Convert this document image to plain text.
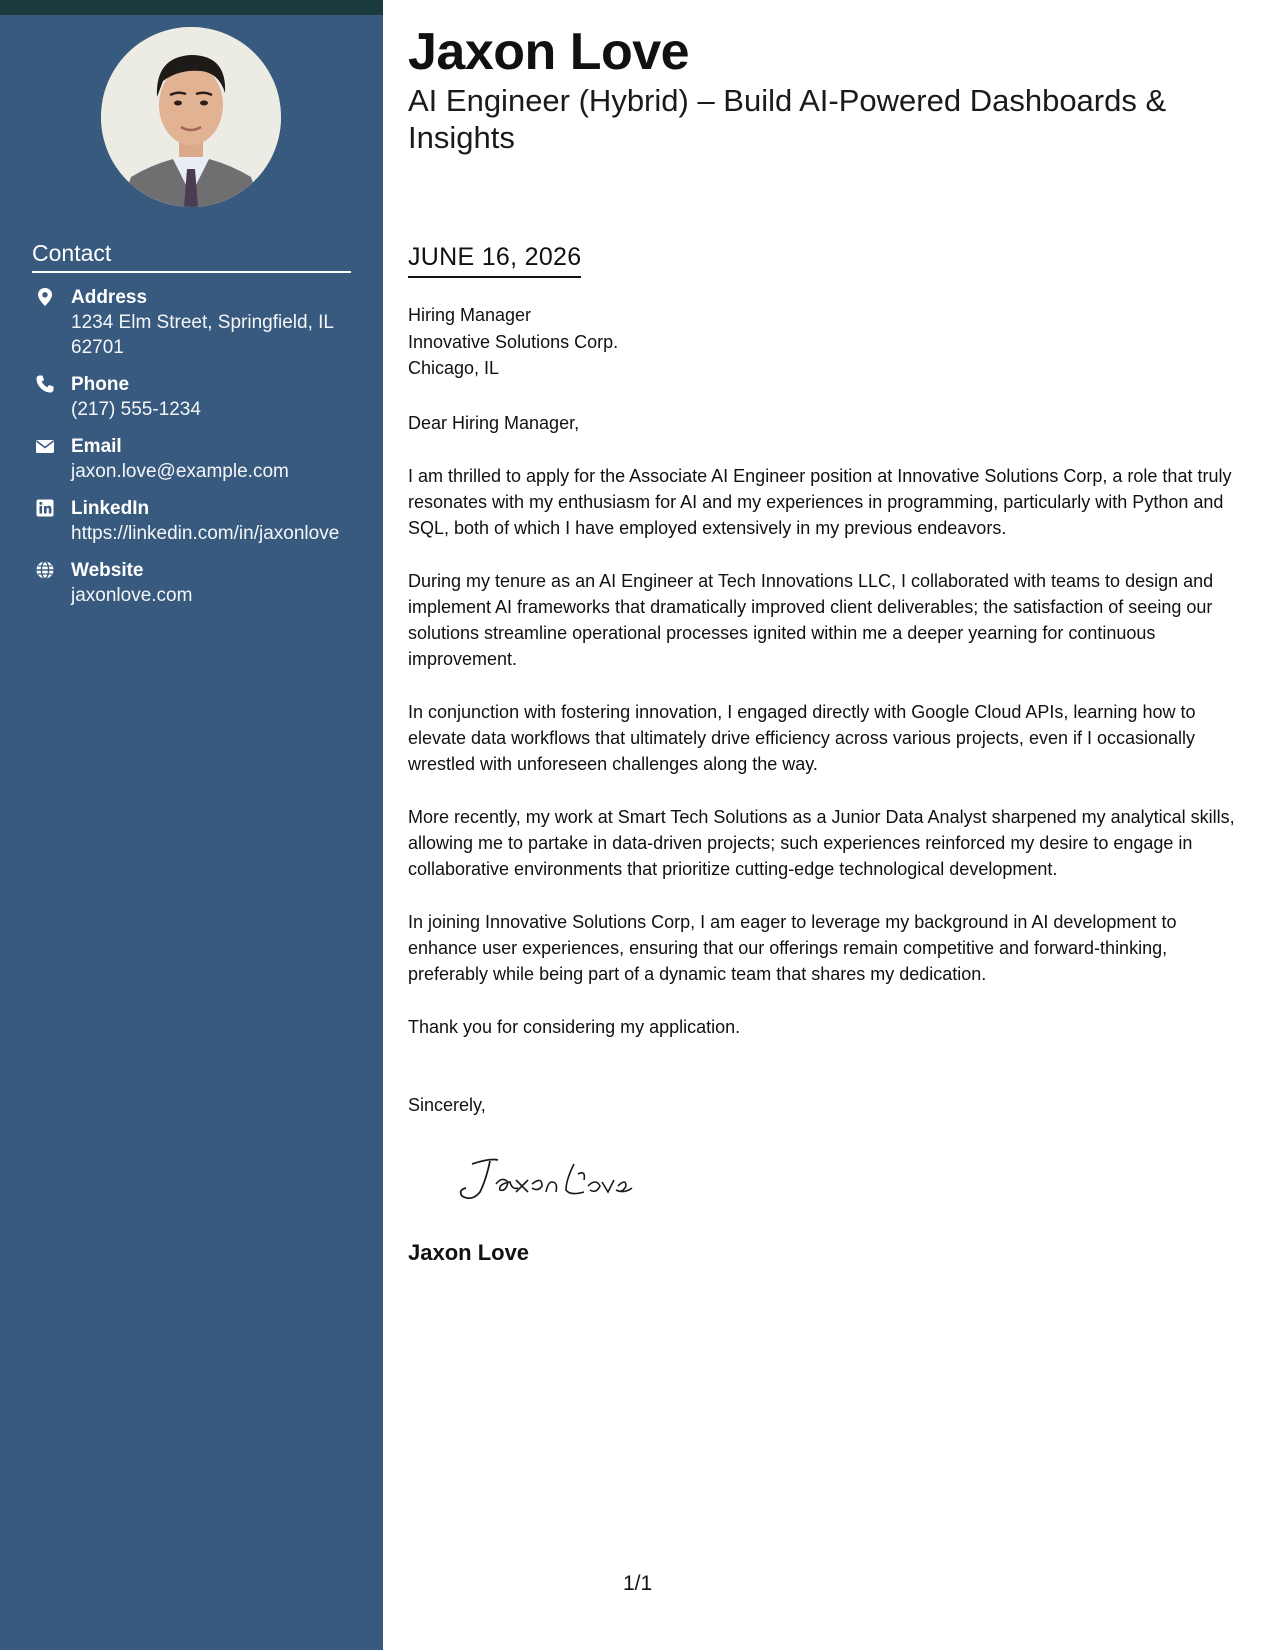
Contact
Address
1234 Elm Street, Springfield, IL 62701
Phone
(217) 555-1234
Email
jaxon.love@example.com
LinkedIn
https://linkedin.com/in/jaxonlove
Website
jaxonlove.com
Jaxon Love
AI Engineer (Hybrid) – Build AI-Powered Dashboards & Insights
JUNE 16, 2026
Hiring Manager
Innovative Solutions Corp.
Chicago, IL

Dear Hiring Manager,

I am thrilled to apply for the Associate AI Engineer position at Innovative Solutions Corp, a role that truly resonates with my enthusiasm for AI and my experiences in programming, particularly with Python and SQL, both of which I have employed extensively in my previous endeavors.

During my tenure as an AI Engineer at Tech Innovations LLC, I collaborated with teams to design and implement AI frameworks that dramatically improved client deliverables; the satisfaction of seeing our solutions streamline operational processes ignited within me a deeper yearning for continuous improvement.

In conjunction with fostering innovation, I engaged directly with Google Cloud APIs, learning how to elevate data workflows that ultimately drive efficiency across various projects, even if I occasionally wrestled with unforeseen challenges along the way.

More recently, my work at Smart Tech Solutions as a Junior Data Analyst sharpened my analytical skills, allowing me to partake in data-driven projects; such experiences reinforced my desire to engage in collaborative environments that prioritize cutting-edge technological development.

In joining Innovative Solutions Corp, I am eager to leverage my background in AI development to enhance user experiences, ensuring that our offerings remain competitive and forward-thinking, preferably while being part of a dynamic team that shares my dedication.

Thank you for considering my application.

Sincerely,
Jaxon Love
1/1
